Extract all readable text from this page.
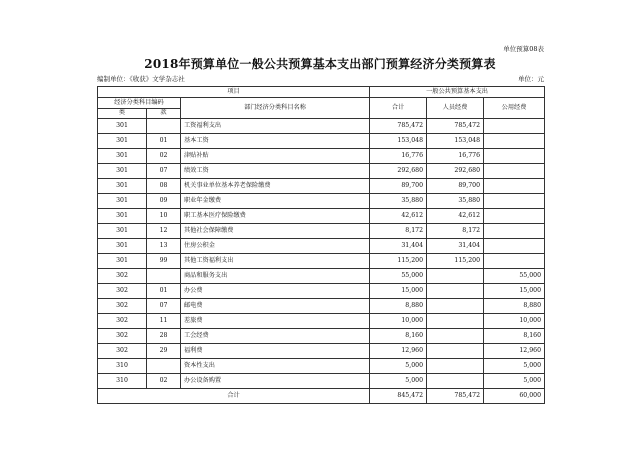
单位预算08表
2018年预算单位一般公共预算基本支出部门预算经济分类预算表
编制单位：《收获》文学杂志社	单位：元
项目			一般公共预算基本支出		
经济分类科目编码		部门经济分类科目名称	合计	人员经费	公用经费
类	款				
301		工资福利支出	785,472	785,472	
301	01	基本工资	153,048	153,048	
301	02	津贴补贴	16,776	16,776	
301	07	绩效工资	292,680	292,680	
301	08	机关事业单位基本养老保险缴费	89,700	89,700	
301	09	职业年金缴费	35,880	35,880	
301	10	职工基本医疗保险缴费	42,612	42,612	
301	12	其他社会保障缴费	8,172	8,172	
301	13	住房公积金	31,404	31,404	
301	99	其他工资福利支出	115,200	115,200	
302		商品和服务支出	55,000		55,000
302	01	办公费	15,000		15,000
302	07	邮电费	8,880		8,880
302	11	差旅费	10,000		10,000
302	28	工会经费	8,160		8,160
302	29	福利费	12,960		12,960
310		资本性支出	5,000		5,000
310	02	办公设备购置	5,000		5,000
合计			845,472	785,472	60,000
